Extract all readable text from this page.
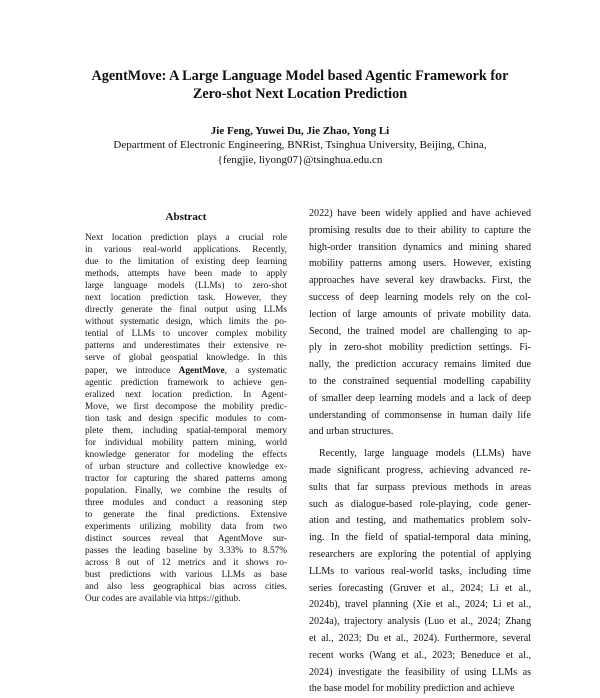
AgentMove: A Large Language Model based Agentic Framework for
Zero-shot Next Location Prediction
Jie Feng, Yuwei Du, Jie Zhao, Yong Li
Department of Electronic Engineering, BNRist, Tsinghua University, Beijing, China,
{fengjie, liyong07}@tsinghua.edu.cn
Abstract
Next location prediction plays a crucial role
in various real-world applications. Recently,
due to the limitation of existing deep learning
methods, attempts have been made to apply
large language models (LLMs) to zero-shot
next location prediction task. However, they
directly generate the final output using LLMs
without systematic design, which limits the po-
tential of LLMs to uncover complex mobility
patterns and underestimates their extensive re-
serve of global geospatial knowledge. In this
paper, we introduce AgentMove, a systematic
agentic prediction framework to achieve gen-
eralized next location prediction. In Agent-
Move, we first decompose the mobility predic-
tion task and design specific modules to com-
plete them, including spatial-temporal memory
for individual mobility pattern mining, world
knowledge generator for modeling the effects
of urban structure and collective knowledge ex-
tractor for capturing the shared patterns among
population. Finally, we combine the results of
three modules and conduct a reasoning step
to generate the final predictions. Extensive
experiments utilizing mobility data from two
distinct sources reveal that AgentMove sur-
passes the leading baseline by 3.33% to 8.57%
across 8 out of 12 metrics and it shows ro-
bust predictions with various LLMs as base
and also less geographical bias across cities.
Our codes are available via https://github.
2022) have been widely applied and have achieved
promising results due to their ability to capture the
high-order transition dynamics and mining shared
mobility patterns among users. However, existing
approaches have several key drawbacks. First, the
success of deep learning models rely on the col-
lection of large amounts of private mobility data.
Second, the trained model are challenging to ap-
ply in zero-shot mobility prediction settings. Fi-
nally, the prediction accuracy remains limited due
to the constrained sequential modelling capability
of smaller deep learning models and a lack of deep
understanding of commonsense in human daily life
and urban structures.
Recently, large language models (LLMs) have
made significant progress, achieving advanced re-
sults that far surpass previous methods in areas
such as dialogue-based role-playing, code gener-
ation and testing, and mathematics problem solv-
ing. In the field of spatial-temporal data mining,
researchers are exploring the potential of applying
LLMs to various real-world tasks, including time
series forecasting (Gruver et al., 2024; Li et al.,
2024b), travel planning (Xie et al., 2024; Li et al.,
2024a), trajectory analysis (Luo et al., 2024; Zhang
et al., 2023; Du et al., 2024). Furthermore, several
recent works (Wang et al., 2023; Beneduce et al.,
2024) investigate the feasibility of using LLMs as
the base model for mobility prediction and achieve
